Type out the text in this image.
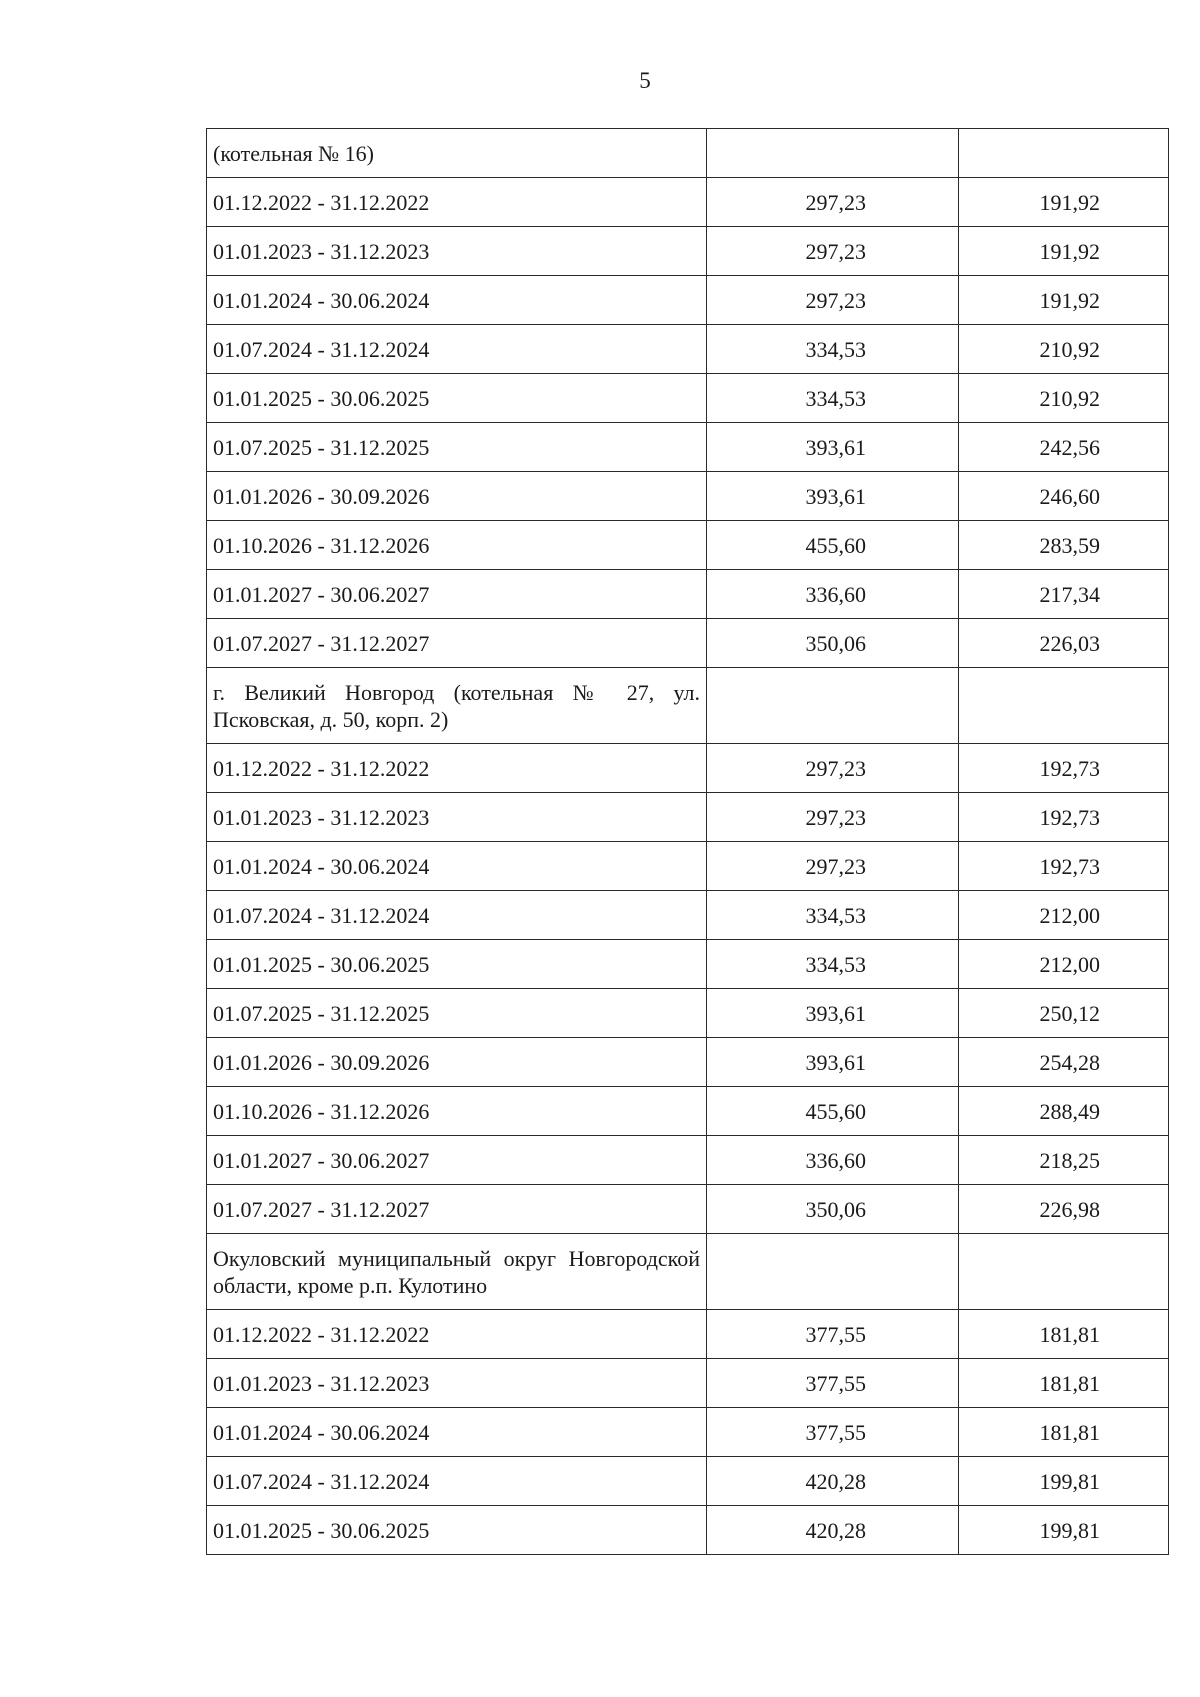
5
(котельная № 16)		
01.12.2022 - 31.12.2022	297,23	191,92
01.01.2023 - 31.12.2023	297,23	191,92
01.01.2024 - 30.06.2024	297,23	191,92
01.07.2024 - 31.12.2024	334,53	210,92
01.01.2025 - 30.06.2025	334,53	210,92
01.07.2025 - 31.12.2025	393,61	242,56
01.01.2026 - 30.09.2026	393,61	246,60
01.10.2026 - 31.12.2026	455,60	283,59
01.01.2027 - 30.06.2027	336,60	217,34
01.07.2027 - 31.12.2027	350,06	226,03
г. Великий Новгород (котельная № 27, ул. Псковская, д. 50, корп. 2)		
01.12.2022 - 31.12.2022	297,23	192,73
01.01.2023 - 31.12.2023	297,23	192,73
01.01.2024 - 30.06.2024	297,23	192,73
01.07.2024 - 31.12.2024	334,53	212,00
01.01.2025 - 30.06.2025	334,53	212,00
01.07.2025 - 31.12.2025	393,61	250,12
01.01.2026 - 30.09.2026	393,61	254,28
01.10.2026 - 31.12.2026	455,60	288,49
01.01.2027 - 30.06.2027	336,60	218,25
01.07.2027 - 31.12.2027	350,06	226,98
Окуловский муниципальный округ Новгородской области, кроме р.п. Кулотино		
01.12.2022 - 31.12.2022	377,55	181,81
01.01.2023 - 31.12.2023	377,55	181,81
01.01.2024 - 30.06.2024	377,55	181,81
01.07.2024 - 31.12.2024	420,28	199,81
01.01.2025 - 30.06.2025	420,28	199,81
